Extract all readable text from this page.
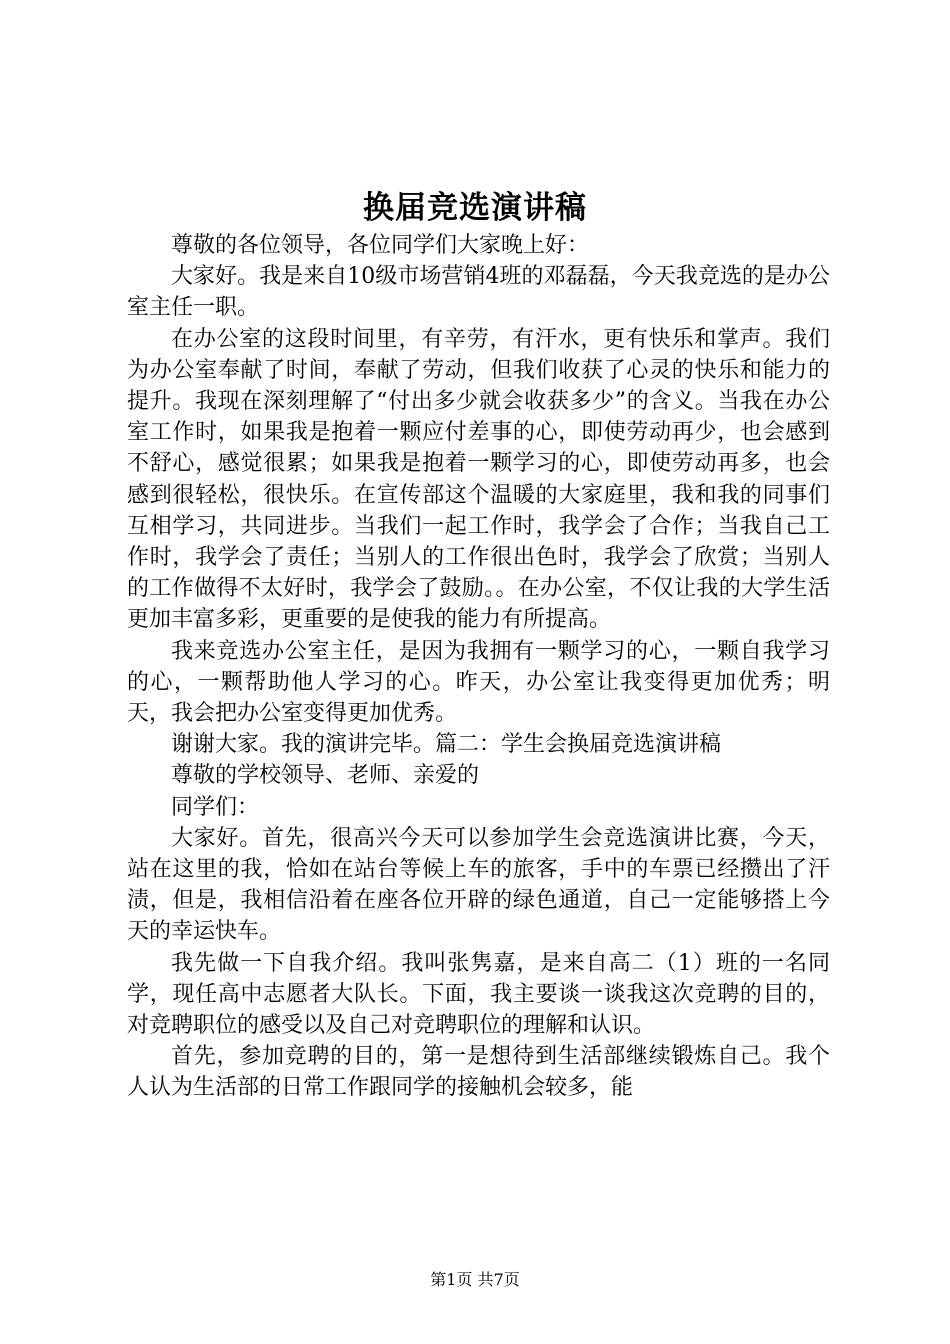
换届竞选演讲稿

尊敬的各位领导，各位同学们大家晚上好：

大家好。我是来自10级市场营销4班的邓磊磊，今天我竞选的是办公室主任一职。

在办公室的这段时间里，有辛劳，有汗水，更有快乐和掌声。我们为办公室奉献了时间，奉献了劳动，但我们收获了心灵的快乐和能力的提升。我现在深刻理解了“付出多少就会收获多少”的含义。当我在办公室工作时，如果我是抱着一颗应付差事的心，即使劳动再少，也会感到不舒心，感觉很累；如果我是抱着一颗学习的心，即使劳动再多，也会感到很轻松，很快乐。在宣传部这个温暖的大家庭里，我和我的同事们互相学习，共同进步。当我们一起工作时，我学会了合作；当我自己工作时，我学会了责任；当别人的工作很出色时，我学会了欣赏；当别人的工作做得不太好时，我学会了鼓励。。在办公室，不仅让我的大学生活更加丰富多彩，更重要的是使我的能力有所提高。

我来竞选办公室主任，是因为我拥有一颗学习的心，一颗自我学习的心，一颗帮助他人学习的心。昨天，办公室让我变得更加优秀；明天，我会把办公室变得更加优秀。

谢谢大家。我的演讲完毕。篇二：学生会换届竞选演讲稿

尊敬的学校领导、老师、亲爱的

同学们：

大家好。首先，很高兴今天可以参加学生会竞选演讲比赛，今天，站在这里的我，恰如在站台等候上车的旅客，手中的车票已经攒出了汗渍，但是，我相信沿着在座各位开辟的绿色通道，自己一定能够搭上今天的幸运快车。

我先做一下自我介绍。我叫张隽嘉，是来自高二（1）班的一名同学，现任高中志愿者大队长。下面，我主要谈一谈我这次竞聘的目的，对竞聘职位的感受以及自己对竞聘职位的理解和认识。

首先，参加竞聘的目的，第一是想待到生活部继续锻炼自己。我个人认为生活部的日常工作跟同学的接触机会较多，能

第1页 共7页
